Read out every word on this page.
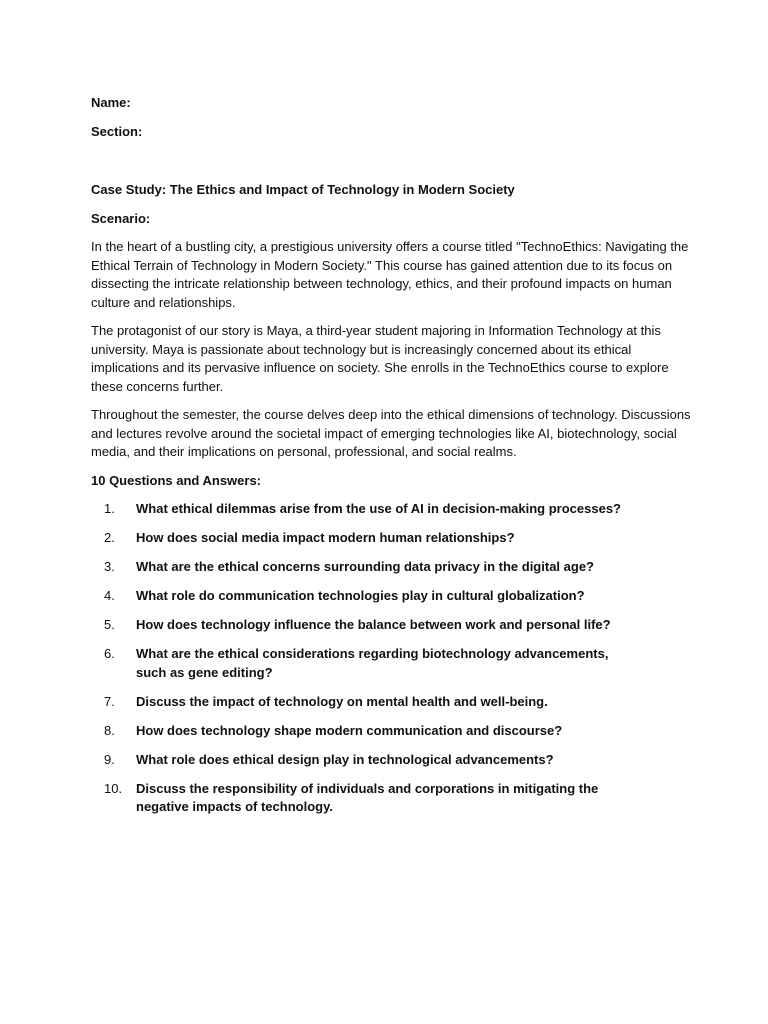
Name:

Section:

Case Study: The Ethics and Impact of Technology in Modern Society

Scenario:

In the heart of a bustling city, a prestigious university offers a course titled "TechnoEthics: Navigating the Ethical Terrain of Technology in Modern Society." This course has gained attention due to its focus on dissecting the intricate relationship between technology, ethics, and their profound impacts on human culture and relationships.

The protagonist of our story is Maya, a third-year student majoring in Information Technology at this university. Maya is passionate about technology but is increasingly concerned about its ethical implications and its pervasive influence on society. She enrolls in the TechnoEthics course to explore these concerns further.

Throughout the semester, the course delves deep into the ethical dimensions of technology. Discussions and lectures revolve around the societal impact of emerging technologies like AI, biotechnology, social media, and their implications on personal, professional, and social realms.

10 Questions and Answers:

1.	What ethical dilemmas arise from the use of AI in decision-making processes?
2.	How does social media impact modern human relationships?
3.	What are the ethical concerns surrounding data privacy in the digital age?
4.	What role do communication technologies play in cultural globalization?
5.	How does technology influence the balance between work and personal life?
6.	What are the ethical considerations regarding biotechnology advancements, such as gene editing?
7.	Discuss the impact of technology on mental health and well-being.
8.	How does technology shape modern communication and discourse?
9.	What role does ethical design play in technological advancements?
10.	Discuss the responsibility of individuals and corporations in mitigating the negative impacts of technology.
